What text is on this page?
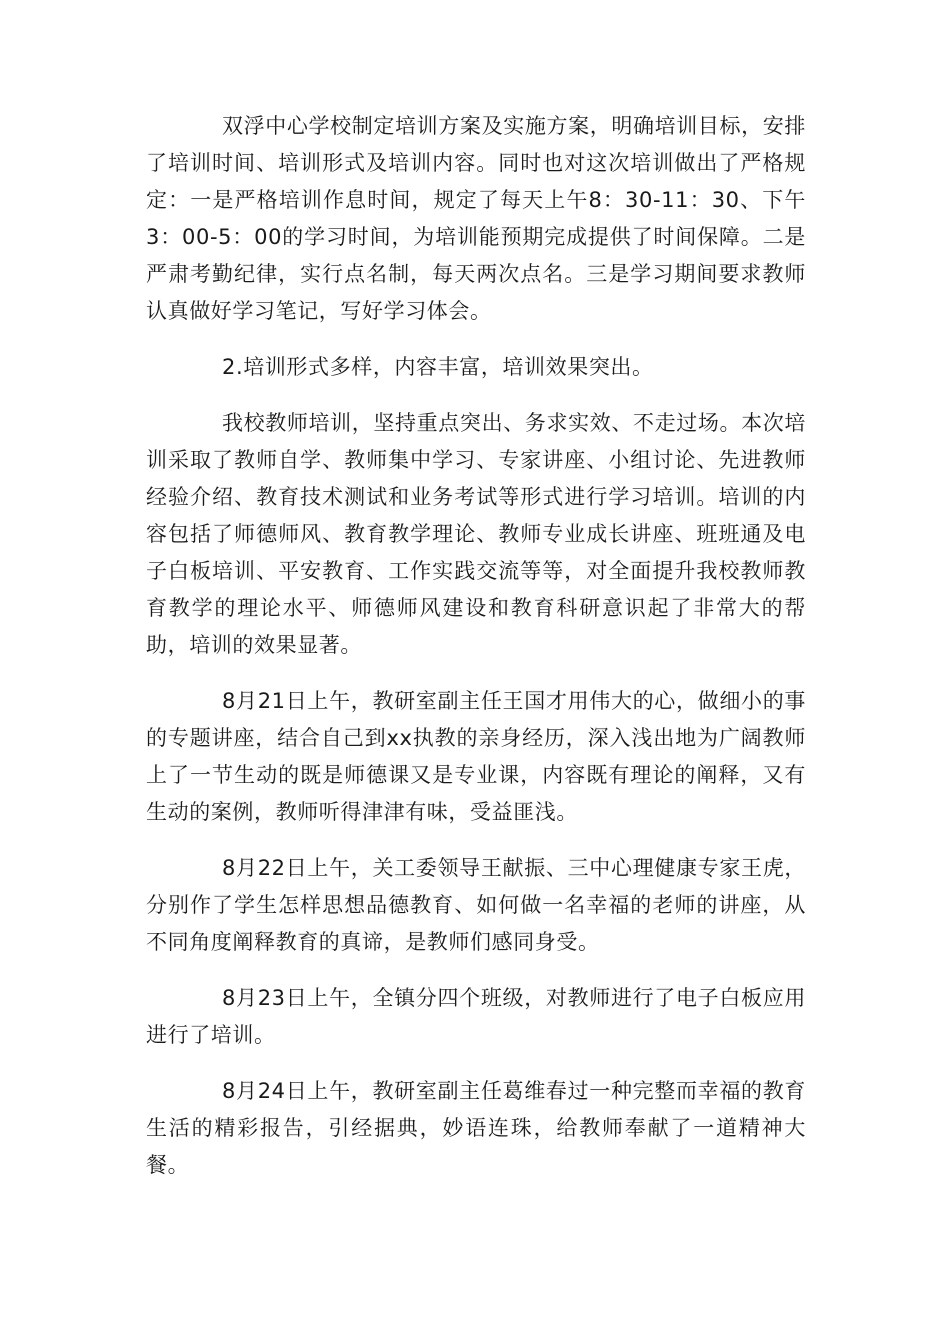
双浮中心学校制定培训方案及实施方案，明确培训目标，安排了培训时间、培训形式及培训内容。同时也对这次培训做出了严格规定：一是严格培训作息时间，规定了每天上午8：30-11：30、下午3：00-5：00的学习时间，为培训能预期完成提供了时间保障。二是严肃考勤纪律，实行点名制，每天两次点名。三是学习期间要求教师认真做好学习笔记，写好学习体会。

2.培训形式多样，内容丰富，培训效果突出。

我校教师培训，坚持重点突出、务求实效、不走过场。本次培训采取了教师自学、教师集中学习、专家讲座、小组讨论、先进教师经验介绍、教育技术测试和业务考试等形式进行学习培训。培训的内容包括了师德师风、教育教学理论、教师专业成长讲座、班班通及电子白板培训、平安教育、工作实践交流等等，对全面提升我校教师教育教学的理论水平、师德师风建设和教育科研意识起了非常大的帮助，培训的效果显著。

8月21日上午，教研室副主任王国才用伟大的心，做细小的事的专题讲座，结合自己到xx执教的亲身经历，深入浅出地为广阔教师上了一节生动的既是师德课又是专业课，内容既有理论的阐释，又有生动的案例，教师听得津津有味，受益匪浅。

8月22日上午，关工委领导王献振、三中心理健康专家王虎，分别作了学生怎样思想品德教育、如何做一名幸福的老师的讲座，从不同角度阐释教育的真谛，是教师们感同身受。

8月23日上午，全镇分四个班级，对教师进行了电子白板应用进行了培训。

8月24日上午，教研室副主任葛维春过一种完整而幸福的教育生活的精彩报告，引经据典，妙语连珠，给教师奉献了一道精神大餐。
